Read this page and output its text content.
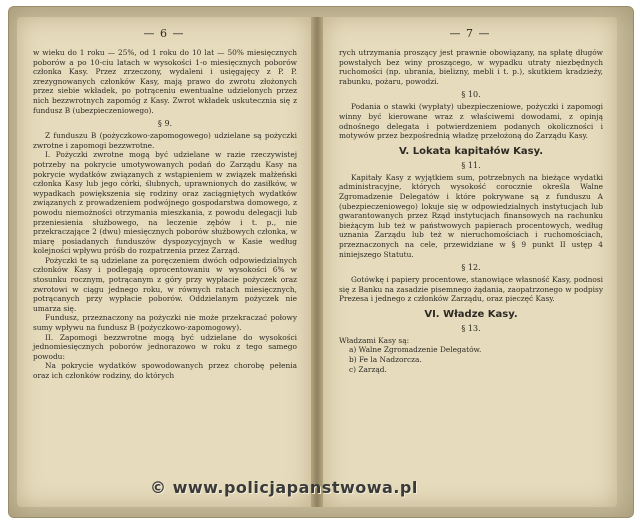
— 6 —

w wieku do 1 roku — 25%, od 1 roku do 10 lat — 50% miesięcznych poborów a po 10-ciu latach w wysokości 1-o miesięcznych poborów członka Kasy. Przez zrzeczony, wydaleni i usięgajęcy z P. P. zrezygnowanych członków Kasy, mają prawo do zwrotu złożonych przez siebie wkładek, po potrąceniu ewentualne udzielonych przez nich bezzwrotnych zapomóg z Kasy. Zwrot wkładek uskutecznia się z fundusz B (ubezpieczeniowego).

§ 9.

Z funduszu B (pożyczkowo-zapomogowego) udzielane są pożyczki zwrotne i zapomogi bezzwrotne.

I. Pożyczki zwrotne mogą być udzielane w razie rzeczywistej potrzeby na pokrycie umotywowanych podań do Zarządu Kasy na pokrycie wydatków związanych z wstąpieniem w związek małżeński członka Kasy lub jego córki, ślubnych, uprawnionych do zasiłków, w wypadkach powiększenia się rodziny oraz zaciągniętych wydatków związanych z prowadzeniem podwójnego gospodarstwa domowego, z powodu niemożności otrzymania mieszkania, z powodu delegacji lub przeniesienia służbowego, na leczenie zębów i t. p., nie przekraczające 2 (dwu) miesięcznych poborów służbowych członka, w miarę posiadanych funduszów dyspozycyjnych w Kasie według kolejności wpływu próśb do rozpatrzenia przez Zarząd.

Pożyczki te są udzielane za poręczeniem dwóch odpowiedzialnych członków Kasy i podlegają oprocentowaniu w wysokości 6% w stosunku rocznym, potrącanym z góry przy wypłacie pożyczek oraz zwrotowi w ciągu jednego roku, w równych ratach miesięcznych, potrącanych przy wypłacie poborów. Oddzielanym pożyczek nie umarza się.

Fundusz, przeznaczony na pożyczki nie może przekraczać połowy sumy wpływu na fundusz B (pożyczkowo-zapomogowy).

II. Zapomogi bezzwrotne mogą być udzielane do wysokości jednomiesięcznych poborów jednorazowo w roku z tego samego powodu:

Na pokrycie wydatków spowodowanych przez chorobę pełenia oraz ich członków rodziny, do których

— 7 —

rych utrzymania proszący jest prawnie obowiązany, na spłatę długów powstałych bez winy proszącego, w wypadku utraty niezbędnych ruchomości (np. ubrania, bielizny, mebli i t. p.), skutkiem kradzieży, rabunku, pożaru, powodzi.

§ 10.

Podania o stawki (wypłaty) ubezpieczeniowe, pożyczki i zapomogi winny być kierowane wraz z właściwemi dowodami, z opinją odnośnego delegata i potwierdzeniem podanych okoliczności i motywów przez bezpośrednią władzę przełożoną do Zarządu Kasy.

V. Lokata kapitałów Kasy.
§ 11.

Kapitały Kasy z wyjątkiem sum, potrzebnych na bieżące wydatki administracyjne, których wysokość corocznie określa Walne Zgromadzenie Delegatów i które pokrywane są z funduszu A (ubezpieczeniowego) lokuje się w odpowiedzialnych instytucjach lub gwarantowanych przez Rząd instytucjach finansowych na rachunku bieżącym lub też w państwowych papierach procentowych, według uznania Zarządu lub też w nieruchomościach i ruchomościach, przeznaczonych na cele, przewidziane w § 9 punkt II ustęp 4 niniejszego Statutu.

§ 12.

Gotówkę i papiery procentowe, stanowiące własność Kasy, podnosi się z Banku na zasadzie pisemnego żądania, zaopatrzonego w podpisy Prezesa i jednego z członków Zarządu, oraz pieczęć Kasy.

VI. Władze Kasy.
§ 13.

Władzami Kasy są:

a) Walne Zgromadzenie Delegatów.

b) Fe la Nadzorcza.

c) Zarząd.

© www.policjapanstwowa.pl
